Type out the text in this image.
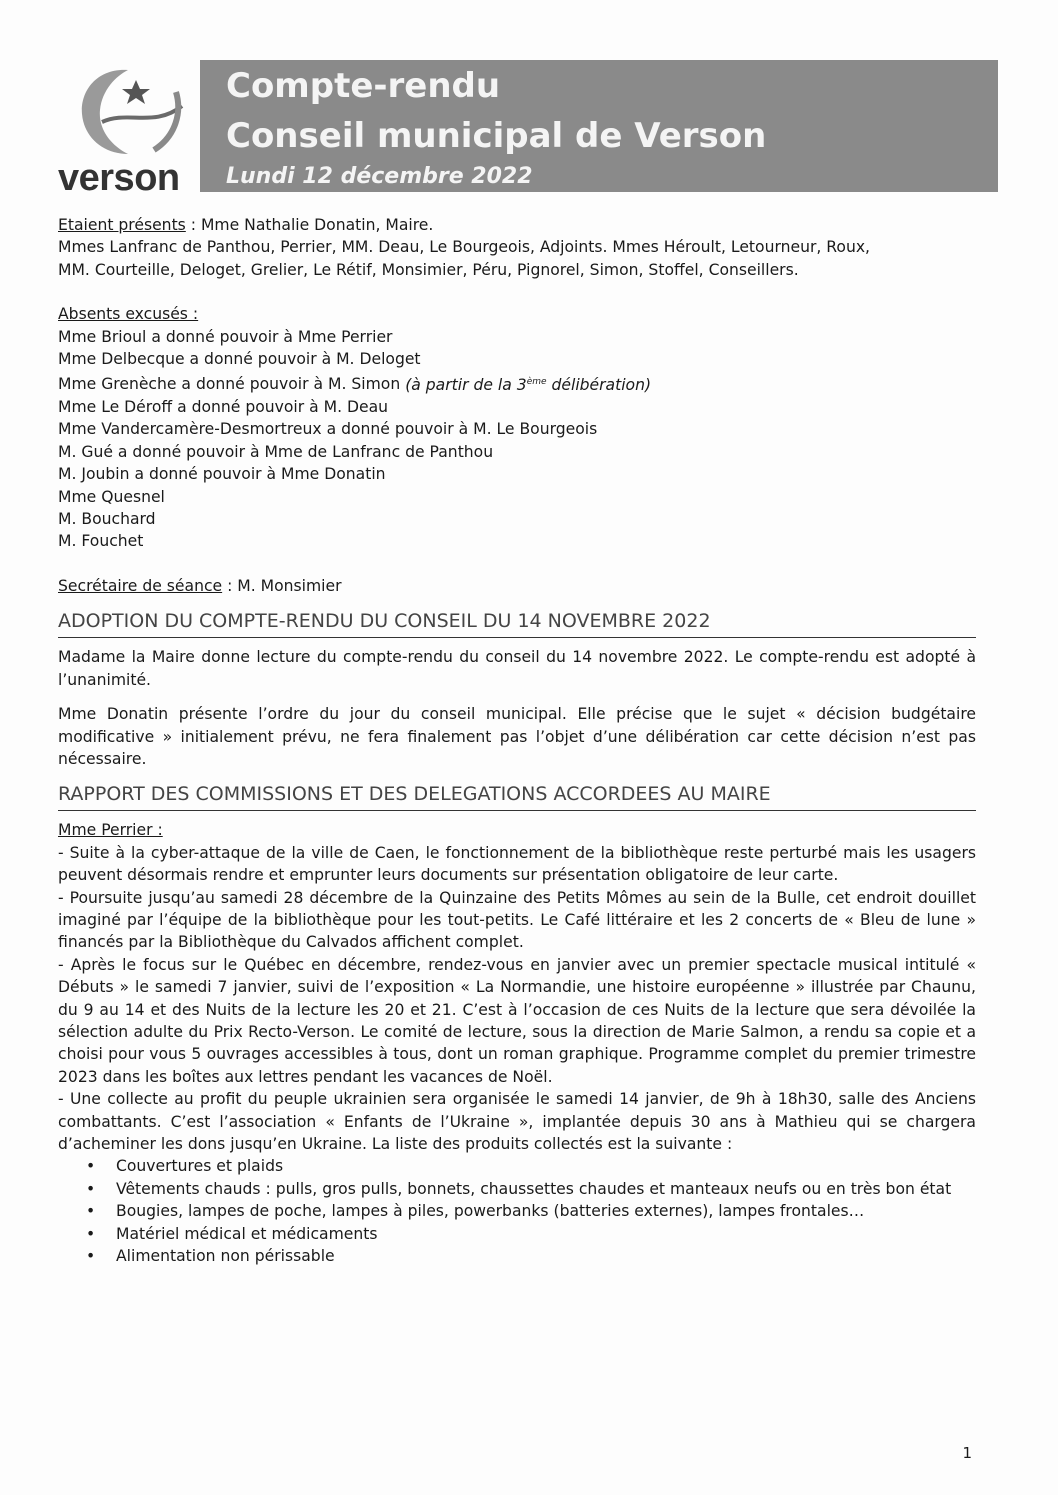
verson
Compte-rendu
Conseil municipal de Verson
Lundi 12 décembre 2022

Etaient présents : Mme Nathalie Donatin, Maire.

Mmes Lanfranc de Panthou, Perrier, MM. Deau, Le Bourgeois, Adjoints. Mmes Héroult, Letourneur, Roux,

MM. Courteille, Deloget, Grelier, Le Rétif, Monsimier, Péru, Pignorel, Simon, Stoffel, Conseillers.

Absents excusés :

Mme Brioul a donné pouvoir à Mme Perrier

Mme Delbecque a donné pouvoir à M. Deloget

Mme Grenèche a donné pouvoir à M. Simon (à partir de la 3ème délibération)

Mme Le Déroff a donné pouvoir à M. Deau

Mme Vandercamère-Desmortreux a donné pouvoir à M. Le Bourgeois

M. Gué a donné pouvoir à Mme de Lanfranc de Panthou

M. Joubin a donné pouvoir à Mme Donatin

Mme Quesnel

M. Bouchard

M. Fouchet

Secrétaire de séance : M. Monsimier

ADOPTION DU COMPTE-RENDU DU CONSEIL DU 14 NOVEMBRE 2022

Madame la Maire donne lecture du compte-rendu du conseil du 14 novembre 2022. Le compte-rendu est adopté à l’unanimité.

Mme Donatin présente l’ordre du jour du conseil municipal. Elle précise que le sujet « décision budgétaire modificative » initialement prévu, ne fera finalement pas l’objet d’une délibération car cette décision n’est pas nécessaire.

RAPPORT DES COMMISSIONS ET DES DELEGATIONS ACCORDEES AU MAIRE

Mme Perrier :

- Suite à la cyber-attaque de la ville de Caen, le fonctionnement de la bibliothèque reste perturbé mais les usagers peuvent désormais rendre et emprunter leurs documents sur présentation obligatoire de leur carte.

- Poursuite jusqu’au samedi 28 décembre de la Quinzaine des Petits Mômes au sein de la Bulle, cet endroit douillet imaginé par l’équipe de la bibliothèque pour les tout-petits. Le Café littéraire et les 2 concerts de « Bleu de lune » financés par la Bibliothèque du Calvados affichent complet.

- Après le focus sur le Québec en décembre, rendez-vous en janvier avec un premier spectacle musical intitulé « Débuts » le samedi 7 janvier, suivi de l’exposition « La Normandie, une histoire européenne » illustrée par Chaunu, du 9 au 14 et des Nuits de la lecture les 20 et 21. C’est à l’occasion de ces Nuits de la lecture que sera dévoilée la sélection adulte du Prix Recto-Verson. Le comité de lecture, sous la direction de Marie Salmon, a rendu sa copie et a choisi pour vous 5 ouvrages accessibles à tous, dont un roman graphique. Programme complet du premier trimestre 2023 dans les boîtes aux lettres pendant les vacances de Noël.

- Une collecte au profit du peuple ukrainien sera organisée le samedi 14 janvier, de 9h à 18h30, salle des Anciens combattants. C’est l’association « Enfants de l’Ukraine », implantée depuis 30 ans à Mathieu qui se chargera d’acheminer les dons jusqu’en Ukraine. La liste des produits collectés est la suivante :

• Couvertures et plaids
• Vêtements chauds : pulls, gros pulls, bonnets, chaussettes chaudes et manteaux neufs ou en très bon état
• Bougies, lampes de poche, lampes à piles, powerbanks (batteries externes), lampes frontales…
• Matériel médical et médicaments
• Alimentation non périssable
1
